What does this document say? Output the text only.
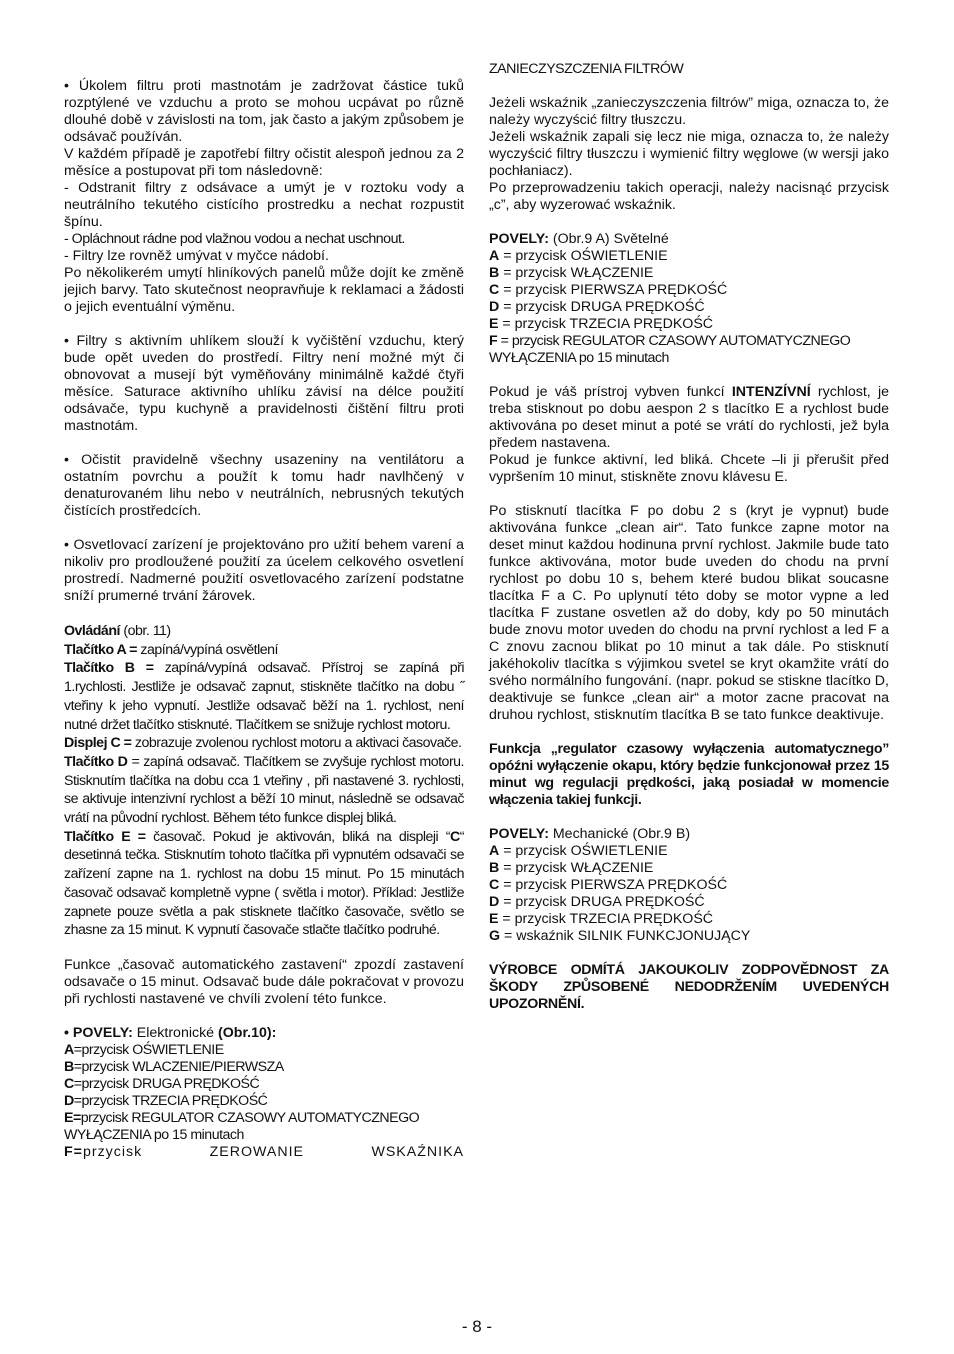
• Úkolem filtru proti mastnotám je zadržovat částice tuků rozptýlené ve vzduchu a proto se mohou ucpávat po různě dlouhé době v závislosti na tom, jak často a jakým způsobem je odsávač používán.

V každém případě je zapotřebí filtry očistit alespoň jednou za 2 měsíce a postupovat při tom následovně:

- Odstranit filtry z odsávace a umýt je v roztoku vody a neutrálního tekutého cistícího prostredku a nechat rozpustit špínu.

- Opláchnout rádne pod vlažnou vodou a nechat uschnout.

- Filtry lze rovněž umývat v myčce nádobí.

Po několikerém umytí hliníkových panelů může dojít ke změně jejich barvy. Tato skutečnost neopravňuje k reklamaci a žádosti o jejich eventuální výměnu.

• Filtry s aktivním uhlíkem slouží k vyčištění vzduchu, který bude opět uveden do prostředí. Filtry není možné mýt či obnovovat a musejí být vyměňovány minimálně každé čtyři měsíce. Saturace aktivního uhlíku závisí na délce použití odsávače, typu kuchyně a pravidelnosti čištění filtru proti mastnotám.

• Očistit pravidelně všechny usazeniny na ventilátoru a ostatním povrchu a použít k tomu hadr navlhčený v denaturovaném lihu nebo v neutrálních, nebrusných tekutých čistících prostředcích.

• Osvetlovací zarízení je projektováno pro užití behem varení a nikoliv pro prodloužené použití za úcelem celkového osvetlení prostredí. Nadmerné použití osvetlovacého zarízení podstatne sníží prumerné trvání žárovek.

Ovládání (obr. 11)

Tlačítko A = zapíná/vypíná osvětlení

Tlačítko B = zapíná/vypíná odsavač. Přístroj se zapíná při 1.rychlosti. Jestliže je odsavač zapnut, stiskněte tlačítko na dobu ˝ vteřiny k jeho vypnutí. Jestliže odsavač běží na 1. rychlost, není nutné držet tlačítko stisknuté. Tlačítkem se snižuje rychlost motoru.

Displej C = zobrazuje zvolenou rychlost motoru a aktivaci časovače.

Tlačítko D = zapíná odsavač. Tlačítkem se zvyšuje rychlost motoru. Stisknutím tlačítka na dobu cca 1 vteřiny , při nastavené 3. rychlosti, se aktivuje intenzivní rychlost a běží 10 minut, následně se odsavač vrátí na původní rychlost. Během této funkce displej bliká.

Tlačítko E = časovač. Pokud je aktivován, bliká na displeji “C“ desetinná tečka. Stisknutím tohoto tlačítka při vypnutém odsavači se zařízení zapne na 1. rychlost na dobu 15 minut. Po 15 minutách časovač odsavač kompletně vypne ( světla i motor). Příklad: Jestliže zapnete pouze světla a pak stisknete tlačítko časovače, světlo se zhasne za 15 minut. K vypnutí časovače stlačte tlačítko podruhé.

Funkce „časovač automatického zastavení“ zpozdí zastavení odsavače o 15 minut. Odsavač bude dále pokračovat v provozu při rychlosti nastavené ve chvíli zvolení této funkce.

• POVELY: Elektronické (Obr.10):

A=przycisk OŚWIETLENIE

B=przycisk WLACZENIE/PIERWSZA

C=przycisk DRUGA PRĘDKOŚĆ

D=przycisk TRZECIA PRĘDKOŚĆ

E=przycisk REGULATOR CZASOWY AUTOMATYCZNEGO WYŁĄCZENIA po 15 minutach

F=przycisk	ZEROWANIE	WSKAŹNIKA

ZANIECZYSZCZENIA FILTRÓW

Jeżeli wskaźnik „zanieczyszczenia filtrów” miga, oznacza to, że należy wyczyścić filtry tłuszczu.

Jeżeli wskaźnik zapali się lecz nie miga, oznacza to, że należy wyczyścić filtry tłuszczu i wymienić filtry węglowe (w wersji jako pochłaniacz).

Po przeprowadzeniu takich operacji, należy nacisnąć przycisk „c”, aby wyzerować wskaźnik.

POVELY: (Obr.9 A) Světelné

A = przycisk OŚWIETLENIE

B = przycisk WŁĄCZENIE

C = przycisk PIERWSZA PRĘDKOŚĆ

D = przycisk DRUGA PRĘDKOŚĆ

E = przycisk TRZECIA PRĘDKOŚĆ

F = przycisk REGULATOR CZASOWY AUTOMATYCZNEGO WYŁĄCZENIA po 15 minutach

Pokud je váš prístroj vybven funkcí INTENZÍVNÍ rychlost, je treba stisknout po dobu aespon 2 s tlacítko E a rychlost bude aktivována po deset minut a poté se vrátí do rychlosti, jež byla předem nastavena.

Pokud je funkce aktivní, led bliká. Chcete –li ji přerušit před vypršením 10 minut, stiskněte znovu klávesu E.

Po stisknutí tlacítka F po dobu 2 s (kryt je vypnut) bude aktivována funkce „clean air“. Tato funkce zapne motor na deset minut každou hodinuna první rychlost. Jakmile bude tato funkce aktivována, motor bude uveden do chodu na první rychlost po dobu 10 s, behem které budou blikat soucasne tlacítka F a C. Po uplynutí této doby se motor vypne a led tlacítka F zustane osvetlen až do doby, kdy po 50 minutách bude znovu motor uveden do chodu na první rychlost a led F a C znovu zacnou blikat po 10 minut a tak dále. Po stisknutí jakéhokoliv tlacítka s výjimkou svetel se kryt okamžite vrátí do svého normálního fungování. (napr. pokud se stiskne tlacítko D, deaktivuje se funkce „clean air“ a motor zacne pracovat na druhou rychlost, stisknutím tlacítka B se tato funkce deaktivuje.

Funkcja „regulator czasowy wyłączenia automatycznego” opóźni wyłączenie okapu, który będzie funkcjonował przez 15 minut wg regulacji prędkości, jaką posiadał w momencie włączenia takiej funkcji.

POVELY: Mechanické (Obr.9 B)

A = przycisk OŚWIETLENIE

B = przycisk WŁĄCZENIE

C = przycisk PIERWSZA PRĘDKOŚĆ

D = przycisk DRUGA PRĘDKOŚĆ

E = przycisk TRZECIA PRĘDKOŚĆ

G = wskaźnik SILNIK FUNKCJONUJĄCY

VÝROBCE ODMÍTÁ JAKOUKOLIV ZODPOVĚDNOST ZA ŠKODY ZPŮSOBENÉ NEDODRŽENÍM UVEDENÝCH UPOZORNĚNÍ.

- 8 -
